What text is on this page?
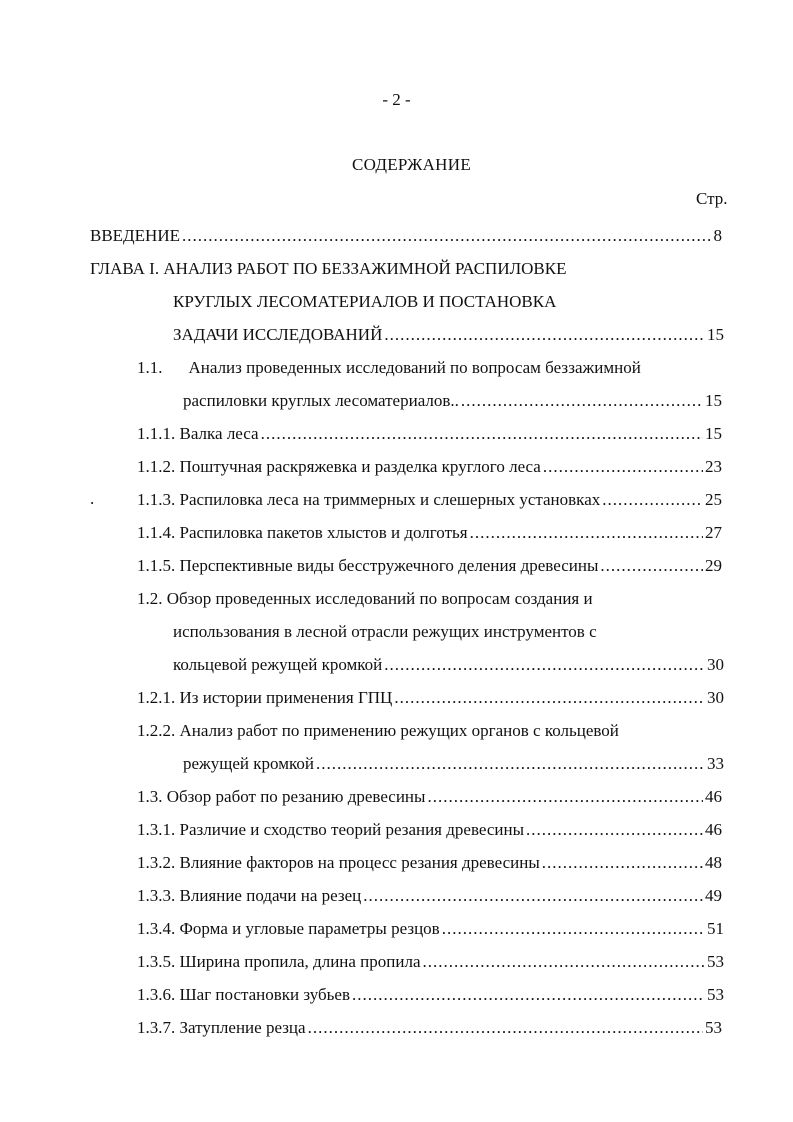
- 2 -
СОДЕРЖАНИЕ
Стр.
.
ВВЕДЕНИЕ .....	8
ГЛАВА I. АНАЛИЗ РАБОТ ПО БЕЗЗАЖИМНОЙ РАСПИЛОВКЕ
КРУГЛЫХ ЛЕСОМАТЕРИАЛОВ И ПОСТАНОВКА
ЗАДАЧИ ИССЛЕДОВАНИЙ .....	15
1.1. Анализ проведенных исследований по вопросам беззажимной
распиловки круглых лесоматериалов.. .....	15
1.1.1. Валка леса .....	15
1.1.2. Поштучная раскряжевка и разделка круглого леса .....	23
1.1.3. Распиловка леса на триммерных и слешерных установках .....	25
1.1.4. Распиловка пакетов хлыстов и долготья .....	27
1.1.5. Перспективные виды бесстружечного деления древесины .....	29
1.2. Обзор проведенных исследований по вопросам создания и
использования в лесной отрасли режущих инструментов с
кольцевой режущей кромкой .....	30
1.2.1. Из истории применения ГПЦ .....	30
1.2.2. Анализ работ по применению режущих органов с кольцевой
режущей кромкой .....	33
1.3. Обзор работ по резанию древесины .....	46
1.3.1. Различие и сходство теорий резания древесины .....	46
1.3.2. Влияние факторов на процесс резания древесины .....	48
1.3.3. Влияние подачи на резец .....	49
1.3.4. Форма и угловые параметры резцов .....	51
1.3.5. Ширина пропила, длина пропила .....	53
1.3.6. Шаг постановки зубьев .....	53
1.3.7. Затупление резца .....	53
